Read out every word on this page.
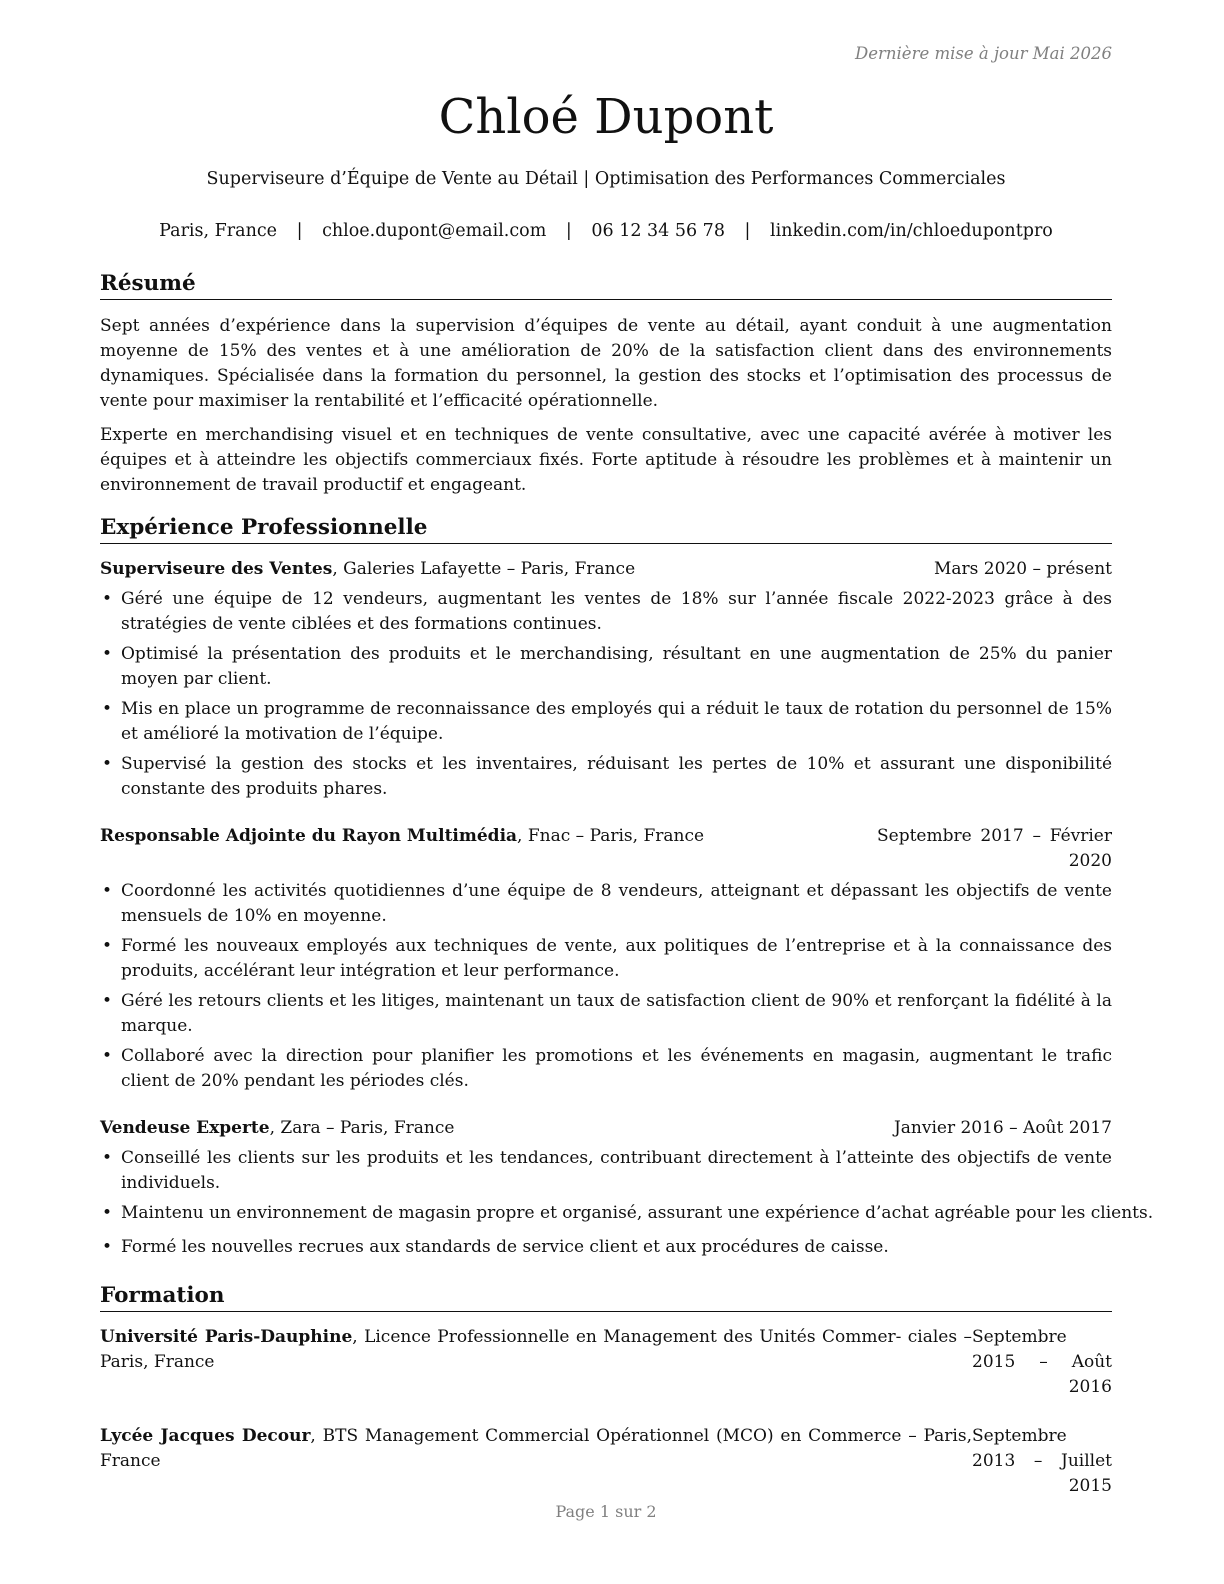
Dernière mise à jour Mai 2026
Chloé Dupont
Superviseure d’Équipe de Vente au Détail | Optimisation des Performances Commerciales
Paris, France | chloe.dupont@email.com | 06 12 34 56 78 | linkedin.com/in/chloedupontpro
Résumé

Sept années d’expérience dans la supervision d’équipes de vente au détail, ayant conduit à une augmentation moyenne de 15% des ventes et à une amélioration de 20% de la satisfaction client dans des environnements dynamiques. Spécialisée dans la formation du personnel, la gestion des stocks et l’optimisation des processus de vente pour maximiser la rentabilité et l’efficacité opérationnelle.

Experte en merchandising visuel et en techniques de vente consultative, avec une capacité avérée à motiver les équipes et à atteindre les objectifs commerciaux fixés. Forte aptitude à résoudre les problèmes et à maintenir un environnement de travail productif et engageant.

Expérience Professionnelle
Superviseure des Ventes, Galeries Lafayette – Paris, France	Mars 2020 – présent
• Géré une équipe de 12 vendeurs, augmentant les ventes de 18% sur l’année fiscale 2022-2023 grâce à des stratégies de vente ciblées et des formations continues.
• Optimisé la présentation des produits et le merchandising, résultant en une augmentation de 25% du panier moyen par client.
• Mis en place un programme de reconnaissance des employés qui a réduit le taux de rotation du personnel de 15% et amélioré la motivation de l’équipe.
• Supervisé la gestion des stocks et les inventaires, réduisant les pertes de 10% et assurant une disponibilité constante des produits phares.
Responsable Adjointe du Rayon Multimédia, Fnac – Paris, France	Septembre 2017 – Février 2020
• Coordonné les activités quotidiennes d’une équipe de 8 vendeurs, atteignant et dépassant les objectifs de vente mensuels de 10% en moyenne.
• Formé les nouveaux employés aux techniques de vente, aux politiques de l’entreprise et à la connaissance des produits, accélérant leur intégration et leur performance.
• Géré les retours clients et les litiges, maintenant un taux de satisfaction client de 90% et renforçant la fidélité à la marque.
• Collaboré avec la direction pour planifier les promotions et les événements en magasin, augmentant le trafic client de 20% pendant les périodes clés.
Vendeuse Experte, Zara – Paris, France	Janvier 2016 – Août 2017
• Conseillé les clients sur les produits et les tendances, contribuant directement à l’atteinte des objectifs de vente individuels.
• Maintenu un environnement de magasin propre et organisé, assurant une expérience d’achat agréable pour les clients.
• Formé les nouvelles recrues aux standards de service client et aux procédures de caisse.
Formation
Université Paris-Dauphine, Licence Professionnelle en Management des Unités Commer- ciales – Paris, France
Septembre 2015 – Août 2016
Lycée Jacques Decour, BTS Management Commercial Opérationnel (MCO) en Commerce – Paris, France
Septembre 2013 – Juillet 2015
Page 1 sur 2
